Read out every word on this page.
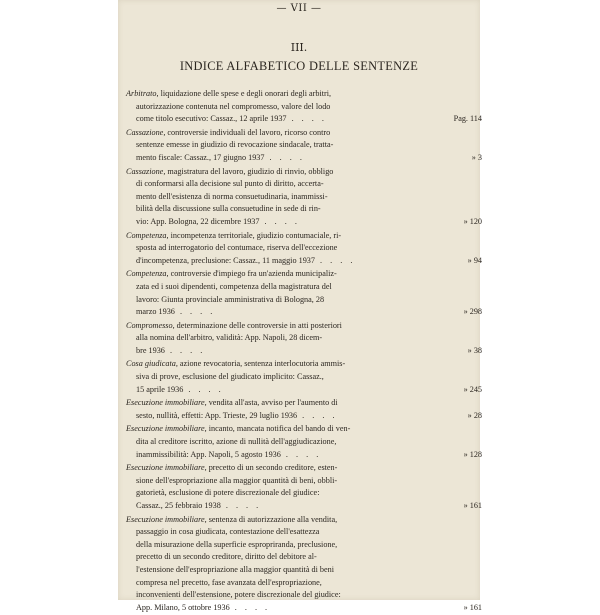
— VII —
III.
INDICE ALFABETICO DELLE SENTENZE
Arbitrato, liquidazione delle spese e degli onorari degli arbitri,
autorizzazione contenuta nel compromesso, valore del lodo
come titolo esecutivo: Cassaz., 12 aprile 1937 . . . .	Pag. 114
Cassazione, controversie individuali del lavoro, ricorso contro
sentenze emesse in giudizio di revocazione sindacale, tratta-
mento fiscale: Cassaz., 17 giugno 1937 . . . .	» 3
Cassazione, magistratura del lavoro, giudizio di rinvio, obbligo
di conformarsi alla decisione sul punto di diritto, accerta-
mento dell'esistenza di norma consuetudinaria, inammissi-
bilità della discussione sulla consuetudine in sede di rin-
vio: App. Bologna, 22 dicembre 1937 . . . .	» 120
Competenza, incompetenza territoriale, giudizio contumaciale, ri-
sposta ad interrogatorio del contumace, riserva dell'eccezione
d'incompetenza, preclusione: Cassaz., 11 maggio 1937 . . . .	» 94
Competenza, controversie d'impiego fra un'azienda municipaliz-
zata ed i suoi dipendenti, competenza della magistratura del
lavoro: Giunta provinciale amministrativa di Bologna, 28
marzo 1936 . . . .	» 298
Compromesso, determinazione delle controversie in atti posteriori
alla nomina dell'arbitro, validità: App. Napoli, 28 dicem-
bre 1936 . . . .	» 38
Cosa giudicata, azione revocatoria, sentenza interlocutoria ammis-
siva di prove, esclusione del giudicato implicito: Cassaz.,
15 aprile 1936 . . . .	» 245
Esecuzione immobiliare, vendita all'asta, avviso per l'aumento di
sesto, nullità, effetti: App. Trieste, 29 luglio 1936 . . . .	» 28
Esecuzione immobiliare, incanto, mancata notifica del bando di ven-
dita al creditore iscritto, azione di nullità dell'aggiudicazione,
inammissibilità: App. Napoli, 5 agosto 1936 . . . .	» 128
Esecuzione immobiliare, precetto di un secondo creditore, esten-
sione dell'espropriazione alla maggior quantità di beni, obbli-
gatorietà, esclusione di potere discrezionale del giudice:
Cassaz., 25 febbraio 1938 . . . .	» 161
Esecuzione immobiliare, sentenza di autorizzazione alla vendita,
passaggio in cosa giudicata, contestazione dell'esattezza
della misurazione della superficie espropriranda, preclusione,
precetto di un secondo creditore, diritto del debitore al-
l'estensione dell'espropriazione alla maggior quantità di beni
compresa nel precetto, fase avanzata dell'espropriazione,
inconvenienti dell'estensione, potere discrezionale del giudice:
App. Milano, 5 ottobre 1936 . . . .	» 161
